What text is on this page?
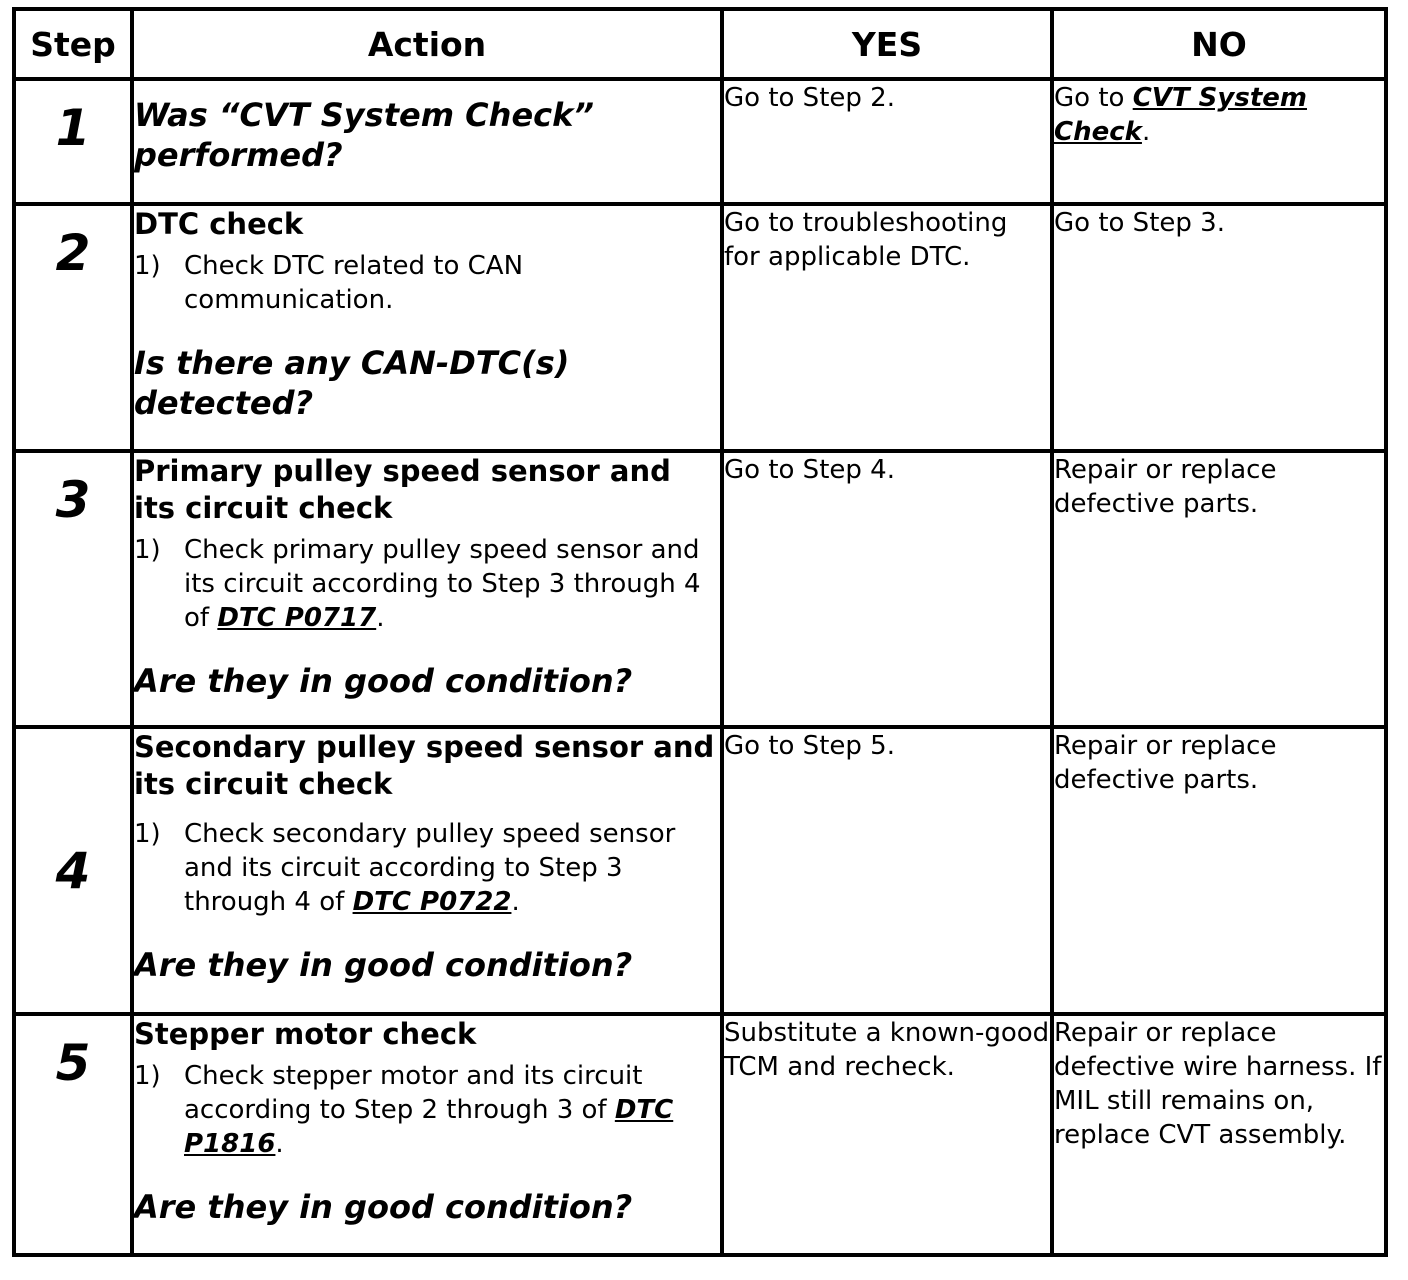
Step	Action	YES	NO
1	Was “CVT System Check” performed?	Go to Step 2.	Go to CVT System Check.
2	DTC check
1) Check DTC related to CAN communication.
Is there any CAN-DTC(s) detected?	Go to troubleshooting for applicable DTC.	Go to Step 3.
3	Primary pulley speed sensor and its circuit check
1) Check primary pulley speed sensor and its circuit according to Step 3 through 4 of DTC P0717.
Are they in good condition?	Go to Step 4.	Repair or replace defective parts.
4	Secondary pulley speed sensor and its circuit check
1) Check secondary pulley speed sensor and its circuit according to Step 3 through 4 of DTC P0722.
Are they in good condition?	Go to Step 5.	Repair or replace defective parts.
5	Stepper motor check
1) Check stepper motor and its circuit according to Step 2 through 3 of DTC P1816.
Are they in good condition?	Substitute a known-good TCM and recheck.	Repair or replace defective wire harness. If MIL still remains on, replace CVT assembly.
